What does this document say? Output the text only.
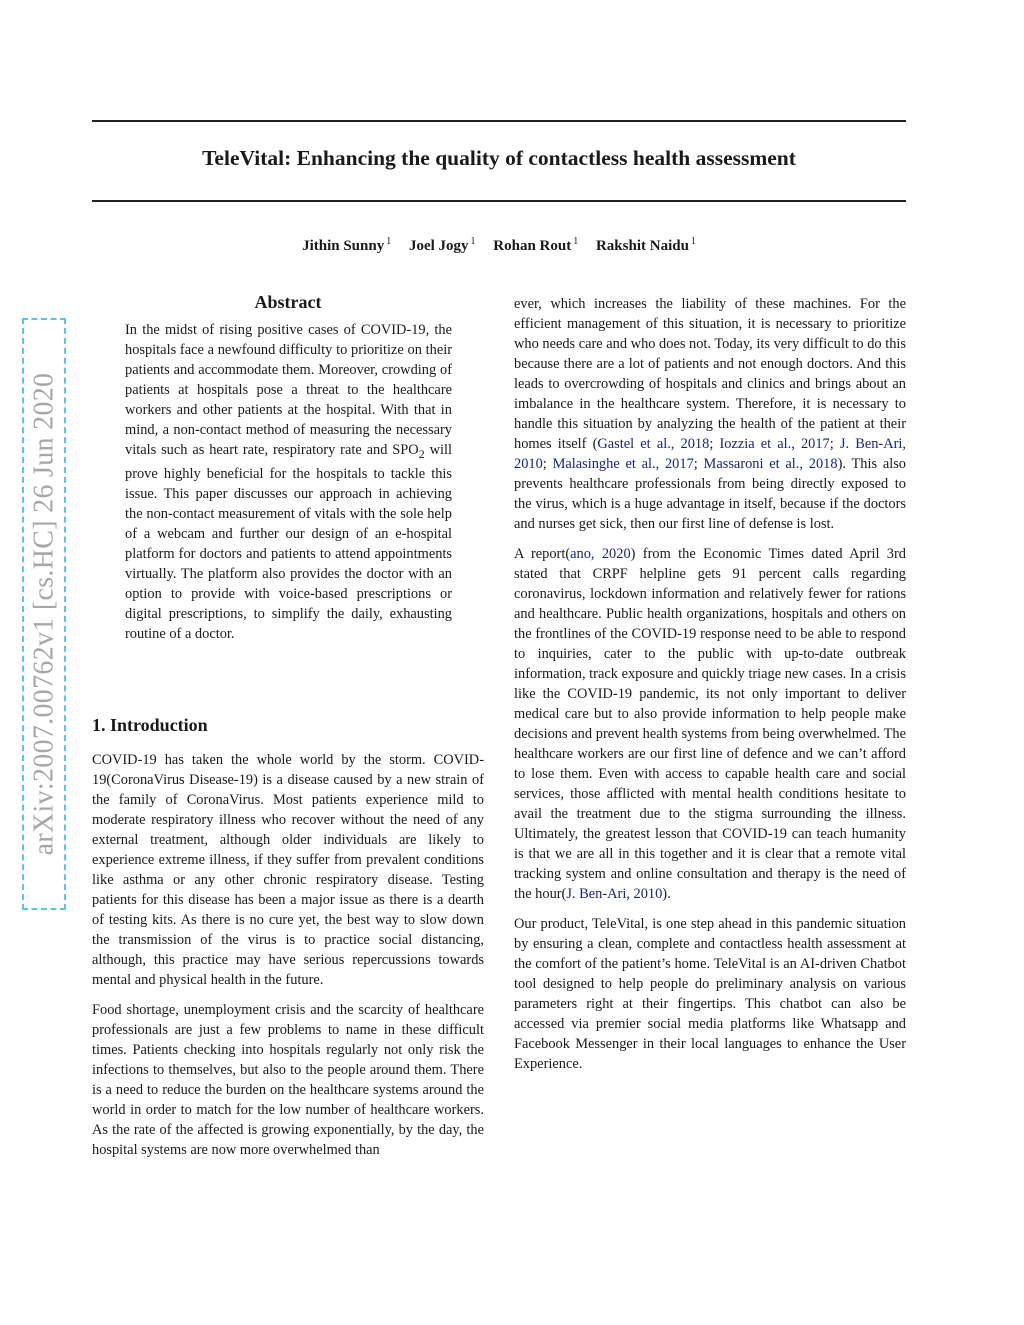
arXiv:2007.00762v1 [cs.HC] 26 Jun 2020
TeleVital: Enhancing the quality of contactless health assessment
Jithin Sunny $^1$ Joel Jogy $^1$ Rohan Rout $^1$ Rakshit Naidu $^1$
Abstract

In the midst of rising positive cases of COVID-19, the hospitals face a newfound difficulty to prioritize on their patients and accommodate them. Moreover, crowding of patients at hospitals pose a threat to the healthcare workers and other patients at the hospital. With that in mind, a non-contact method of measuring the necessary vitals such as heart rate, respiratory rate and $SPO_2$ will prove highly beneficial for the hospitals to tackle this issue. This paper discusses our approach in achieving the non-contact measurement of vitals with the sole help of a webcam and further our design of an e-hospital platform for doctors and patients to attend appointments virtually. The platform also provides the doctor with an option to provide with voice-based prescriptions or digital prescriptions, to simplify the daily, exhausting routine of a doctor.

1. Introduction

COVID-19 has taken the whole world by the storm. COVID-19(CoronaVirus Disease-19) is a disease caused by a new strain of the family of CoronaVirus. Most patients experience mild to moderate respiratory illness who recover without the need of any external treatment, although older individuals are likely to experience extreme illness, if they suffer from prevalent conditions like asthma or any other chronic respiratory disease. Testing patients for this disease has been a major issue as there is a dearth of testing kits. As there is no cure yet, the best way to slow down the transmission of the virus is to practice social distancing, although, this practice may have serious repercussions towards mental and physical health in the future.

Food shortage, unemployment crisis and the scarcity of healthcare professionals are just a few problems to name in these difficult times. Patients checking into hospitals regularly not only risk the infections to themselves, but also to the people around them. There is a need to reduce the burden on the healthcare systems around the world in order to match for the low number of healthcare workers. As the rate of the affected is growing exponentially, by the day, the hospital systems are now more overwhelmed than

ever, which increases the liability of these machines. For the efficient management of this situation, it is necessary to prioritize who needs care and who does not. Today, its very difficult to do this because there are a lot of patients and not enough doctors. And this leads to overcrowding of hospitals and clinics and brings about an imbalance in the healthcare system. Therefore, it is necessary to handle this situation by analyzing the health of the patient at their homes itself (Gastel et al., 2018; Iozzia et al., 2017; J. Ben-Ari, 2010; Malasinghe et al., 2017; Massaroni et al., 2018). This also prevents healthcare professionals from being directly exposed to the virus, which is a huge advantage in itself, because if the doctors and nurses get sick, then our first line of defense is lost.

A report(ano, 2020) from the Economic Times dated April 3rd stated that CRPF helpline gets 91 percent calls regarding coronavirus, lockdown information and relatively fewer for rations and healthcare. Public health organizations, hospitals and others on the frontlines of the COVID-19 response need to be able to respond to inquiries, cater to the public with up-to-date outbreak information, track exposure and quickly triage new cases. In a crisis like the COVID-19 pandemic, its not only important to deliver medical care but to also provide information to help people make decisions and prevent health systems from being overwhelmed. The healthcare workers are our first line of defence and we can’t afford to lose them. Even with access to capable health care and social services, those afflicted with mental health conditions hesitate to avail the treatment due to the stigma surrounding the illness. Ultimately, the greatest lesson that COVID-19 can teach humanity is that we are all in this together and it is clear that a remote vital tracking system and online consultation and therapy is the need of the hour(J. Ben-Ari, 2010).

Our product, TeleVital, is one step ahead in this pandemic situation by ensuring a clean, complete and contactless health assessment at the comfort of the patient’s home. TeleVital is an AI-driven Chatbot tool designed to help people do preliminary analysis on various parameters right at their fingertips. This chatbot can also be accessed via premier social media platforms like Whatsapp and Facebook Messenger in their local languages to enhance the User Experience.
